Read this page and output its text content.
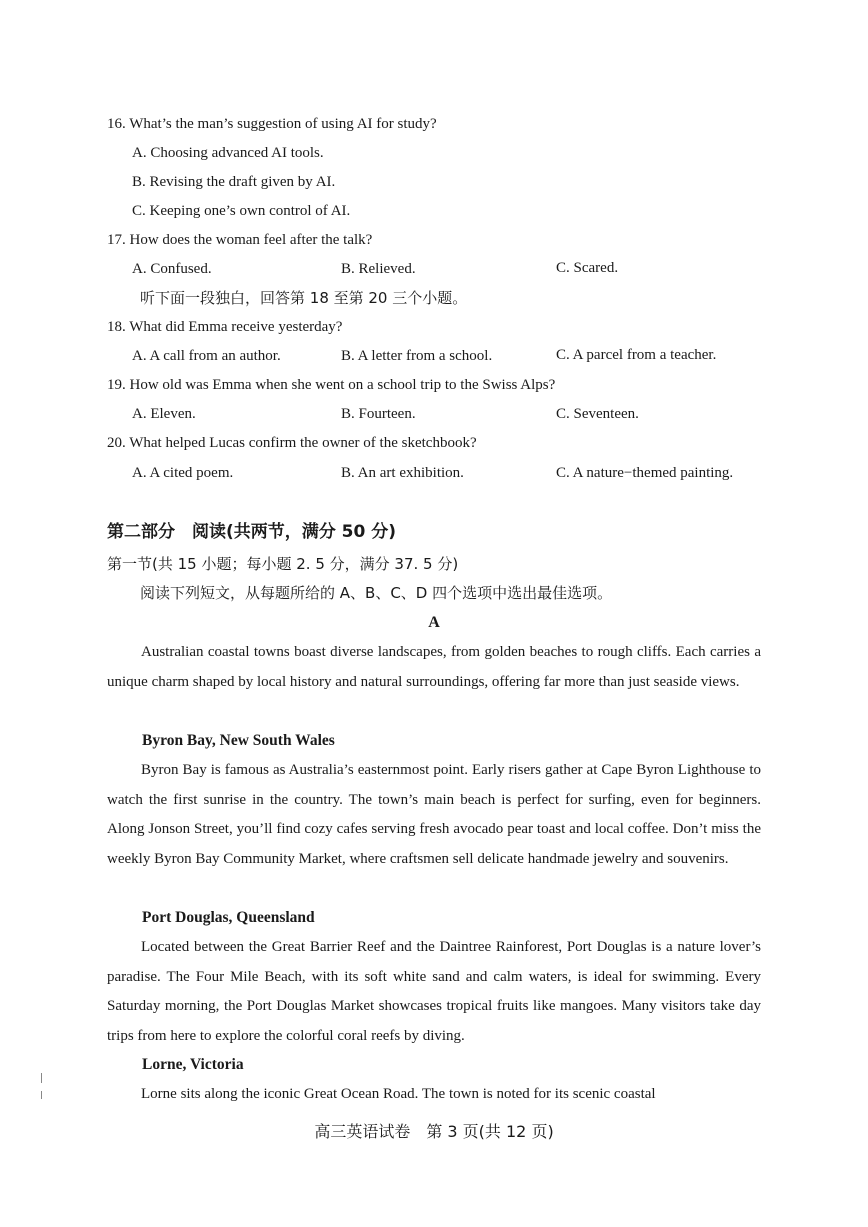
16. What’s the man’s suggestion of using AI for study?
A. Choosing advanced AI tools.
B. Revising the draft given by AI.
C. Keeping one’s own control of AI.
17. How does the woman feel after the talk?
A. Confused.	B. Relieved.	C. Scared.
听下面一段独白，回答第 18 至第 20 三个小题。
18. What did Emma receive yesterday?
A. A call from an author.	B. A letter from a school.	C. A parcel from a teacher.
19. How old was Emma when she went on a school trip to the Swiss Alps?
A. Eleven.	B. Fourteen.	C. Seventeen.
20. What helped Lucas confirm the owner of the sketchbook?
A. A cited poem.	B. An art exhibition.	C. A nature−themed painting.
第二部分　阅读(共两节，满分 50 分)
第一节(共 15 小题；每小题 2. 5 分，满分 37. 5 分)
阅读下列短文，从每题所给的 A、B、C、D 四个选项中选出最佳选项。
A

Australian coastal towns boast diverse landscapes, from golden beaches to rough cliffs. Each carries a unique charm shaped by local history and natural surroundings, offering far more than just seaside views.

Byron Bay, New South Wales

Byron Bay is famous as Australia’s easternmost point. Early risers gather at Cape Byron Lighthouse to watch the first sunrise in the country. The town’s main beach is perfect for surfing, even for beginners. Along Jonson Street, you’ll find cozy cafes serving fresh avocado pear toast and local coffee. Don’t miss the weekly Byron Bay Community Market, where craftsmen sell delicate handmade jewelry and souvenirs.

Port Douglas, Queensland

Located between the Great Barrier Reef and the Daintree Rainforest, Port Douglas is a nature lover’s paradise. The Four Mile Beach, with its soft white sand and calm waters, is ideal for swimming. Every Saturday morning, the Port Douglas Market showcases tropical fruits like mangoes. Many visitors take day trips from here to explore the colorful coral reefs by diving.

Lorne, Victoria

Lorne sits along the iconic Great Ocean Road. The town is noted for its scenic coastal

高三英语试卷　第 3 页(共 12 页)
